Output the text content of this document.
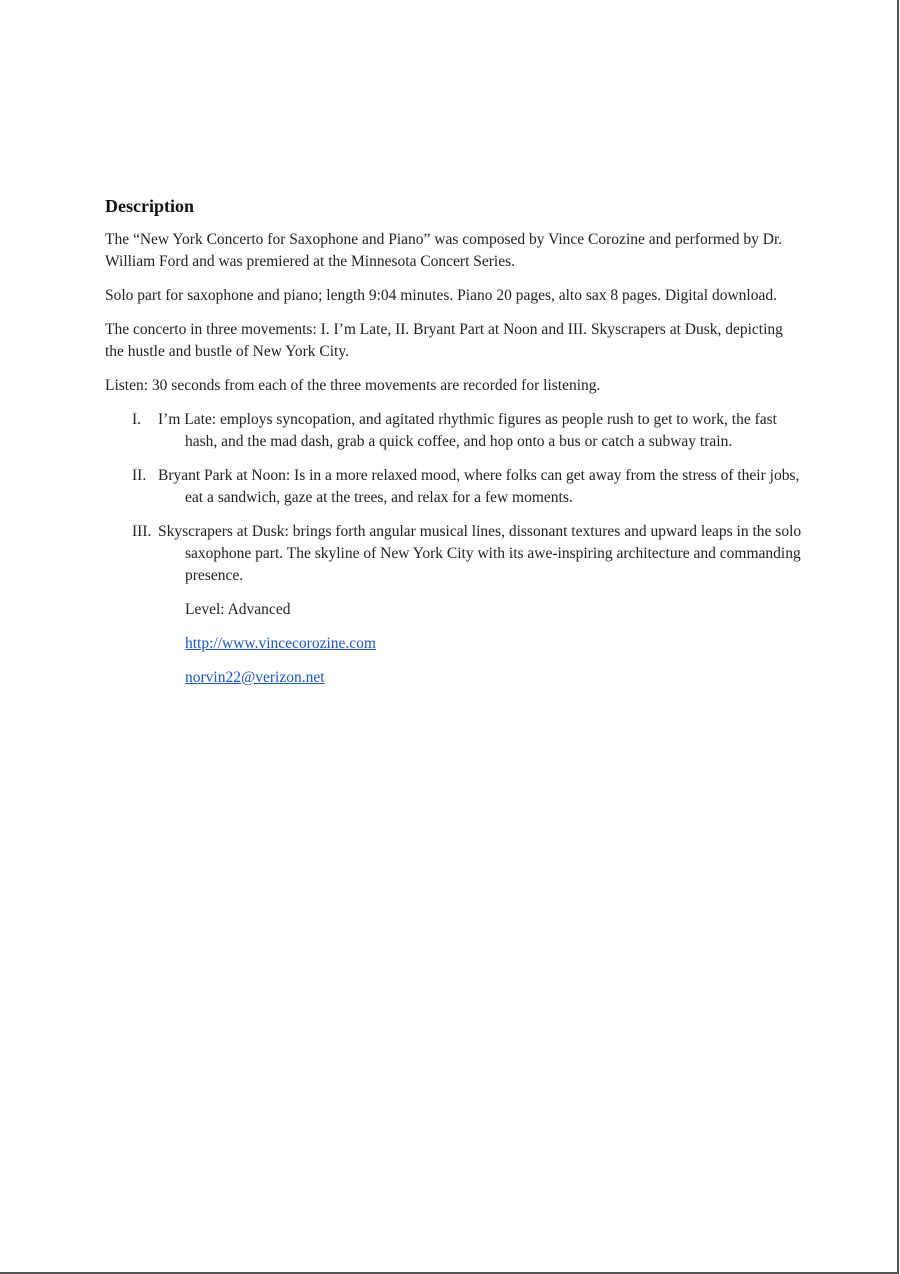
Description

The “New York Concerto for Saxophone and Piano” was composed by Vince Corozine and performed by Dr. William Ford and was premiered at the Minnesota Concert Series.

Solo part for saxophone and piano; length 9:04 minutes. Piano 20 pages, alto sax 8 pages. Digital download.

The concerto in three movements: I. I’m Late, II. Bryant Part at Noon and III. Skyscrapers at Dusk, depicting the hustle and bustle of New York City.

Listen: 30 seconds from each of the three movements are recorded for listening.

I. I’m Late: employs syncopation, and agitated rhythmic figures as people rush to get to work, the fast hash, and the mad dash, grab a quick coffee, and hop onto a bus or catch a subway train.
II. Bryant Park at Noon: Is in a more relaxed mood, where folks can get away from the stress of their jobs, eat a sandwich, gaze at the trees, and relax for a few moments.
III. Skyscrapers at Dusk: brings forth angular musical lines, dissonant textures and upward leaps in the solo saxophone part. The skyline of New York City with its awe-inspiring architecture and commanding presence.
Level: Advanced
http://www.vincecorozine.com
norvin22@verizon.net
